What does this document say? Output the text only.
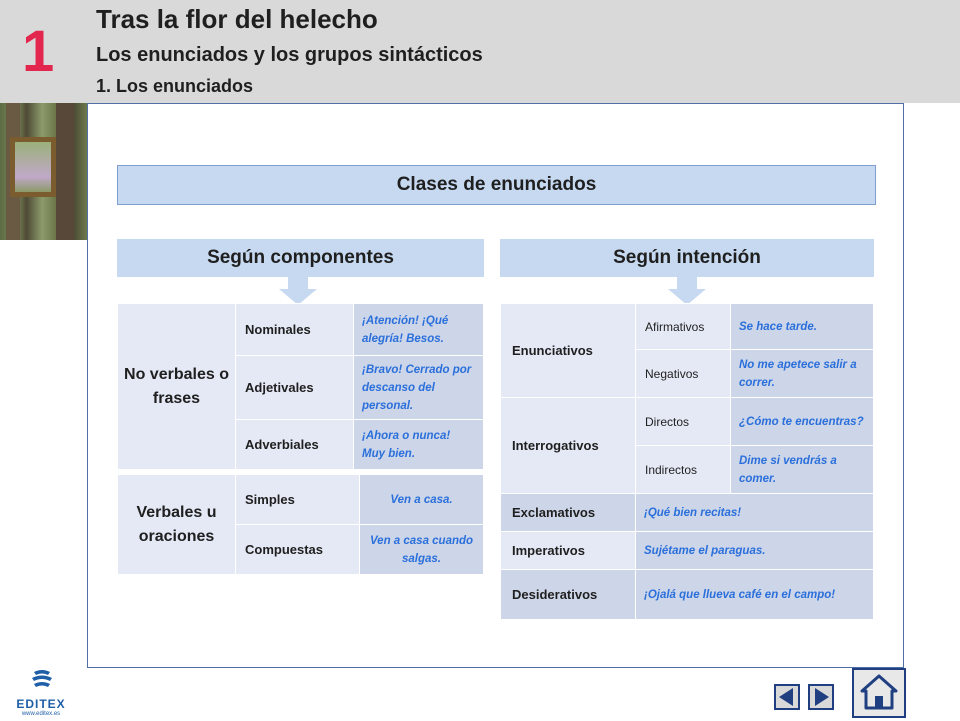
1 Tras la flor del helecho
Los enunciados y los grupos sintácticos
1. Los enunciados
Clases de enunciados
Según componentes	Según intención
No verbales o frases	Nominales	¡Atención! ¡Qué alegría! Besos.
	Adjetivales	¡Bravo! Cerrado por descanso del personal.
	Adverbiales	¡Ahora o nunca! Muy bien.
Verbales u oraciones	Simples	Ven a casa.
	Compuestas	Ven a casa cuando salgas.
Enunciativos	Afirmativos	Se hace tarde.
	Negativos	No me apetece salir a correr.
Interrogativos	Directos	¿Cómo te encuentras?
	Indirectos	Dime si vendrás a comer.
Exclamativos	¡Qué bien recitas!	
Imperativos	Sujétame el paraguas.	
Desiderativos	¡Ojalá que llueva café en el campo!	
EDITEX
www.editex.es
